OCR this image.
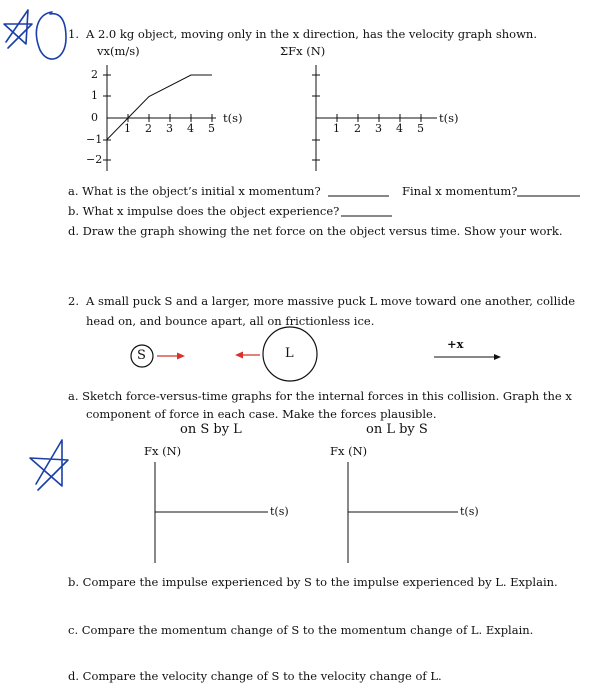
1. A 2.0 kg object, moving only in the x direction, has the velocity graph shown.
vx(m/s)
2
1
0
−1
−2
1 2 3 4 5
t(s)
ΣFx (N)
1 2 3 4 5
t(s)
a. What is the object’s initial x momentum?	Final x momentum?
b. What x impulse does the object experience?
d. Draw the graph showing the net force on the object versus time. Show your work.
2. A small puck S and a larger, more massive puck L move toward one another, collide
head on, and bounce apart, all on frictionless ice.
S	L
+x
a. Sketch force-versus-time graphs for the internal forces in this collision. Graph the x
component of force in each case. Make the forces plausible.
on S by L	on L by S
Fx (N)	Fx (N)
t(s)	t(s)
b. Compare the impulse experienced by S to the impulse experienced by L. Explain.
c. Compare the momentum change of S to the momentum change of L. Explain.
d. Compare the velocity change of S to the velocity change of L.
